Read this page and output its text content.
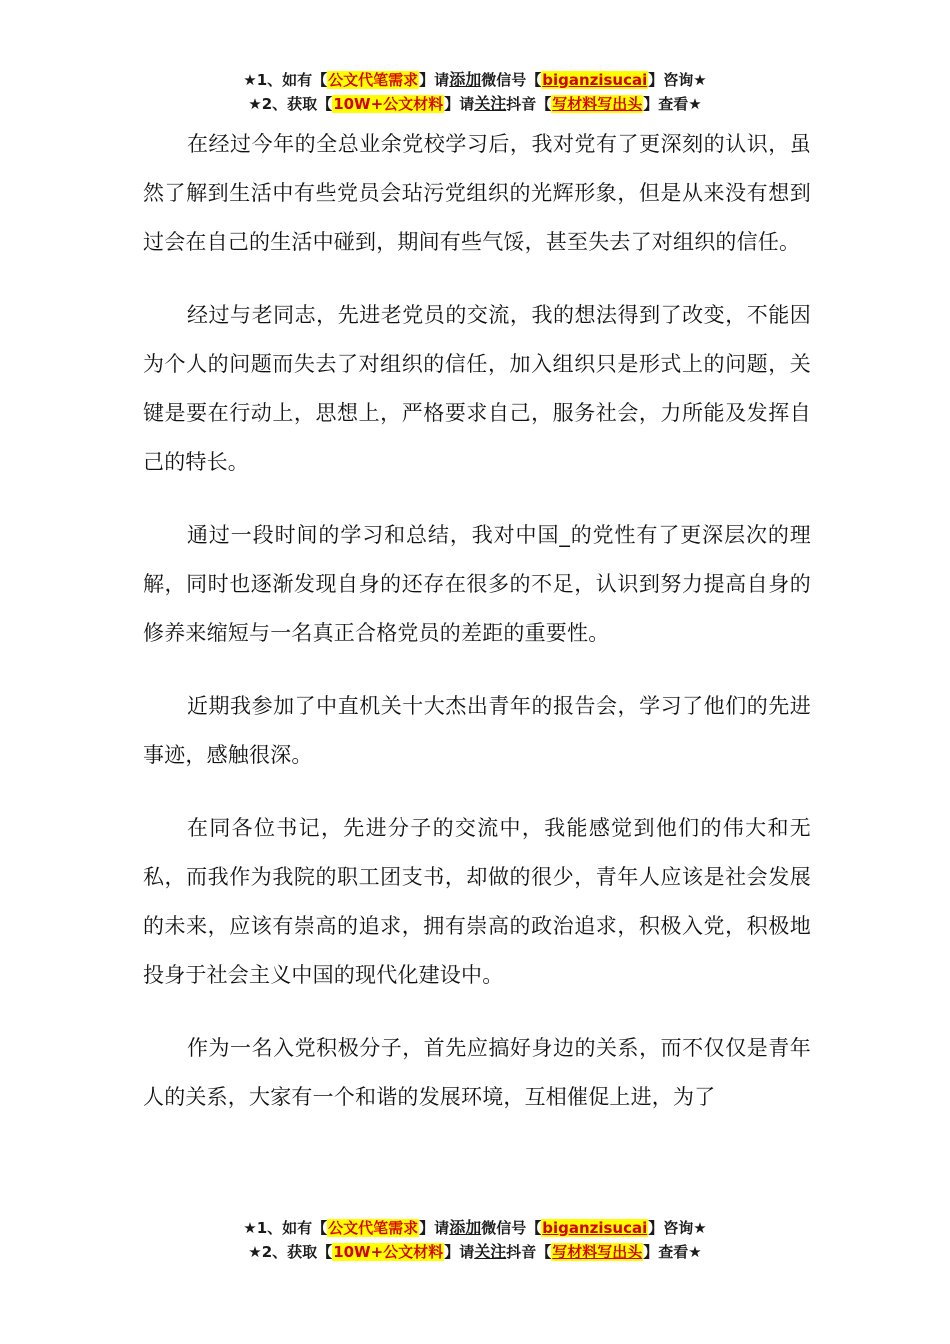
★1、如有【公文代笔需求】请添加微信号【biganzisucai】咨询★
★2、获取【10W+公文材料】请关注抖音【写材料写出头】查看★

在经过今年的全总业余党校学习后，我对党有了更深刻的认识，虽然了解到生活中有些党员会玷污党组织的光辉形象，但是从来没有想到过会在自己的生活中碰到，期间有些气馁，甚至失去了对组织的信任。

经过与老同志，先进老党员的交流，我的想法得到了改变，不能因为个人的问题而失去了对组织的信任，加入组织只是形式上的问题，关键是要在行动上，思想上，严格要求自己，服务社会，力所能及发挥自己的特长。

通过一段时间的学习和总结，我对中国_的党性有了更深层次的理解，同时也逐渐发现自身的还存在很多的不足，认识到努力提高自身的修养来缩短与一名真正合格党员的差距的重要性。

近期我参加了中直机关十大杰出青年的报告会，学习了他们的先进事迹，感触很深。

在同各位书记，先进分子的交流中，我能感觉到他们的伟大和无私，而我作为我院的职工团支书，却做的很少，青年人应该是社会发展的未来，应该有崇高的追求，拥有崇高的政治追求，积极入党，积极地投身于社会主义中国的现代化建设中。

作为一名入党积极分子，首先应搞好身边的关系，而不仅仅是青年人的关系，大家有一个和谐的发展环境，互相催促上进，为了

★1、如有【公文代笔需求】请添加微信号【biganzisucai】咨询★
★2、获取【10W+公文材料】请关注抖音【写材料写出头】查看★
